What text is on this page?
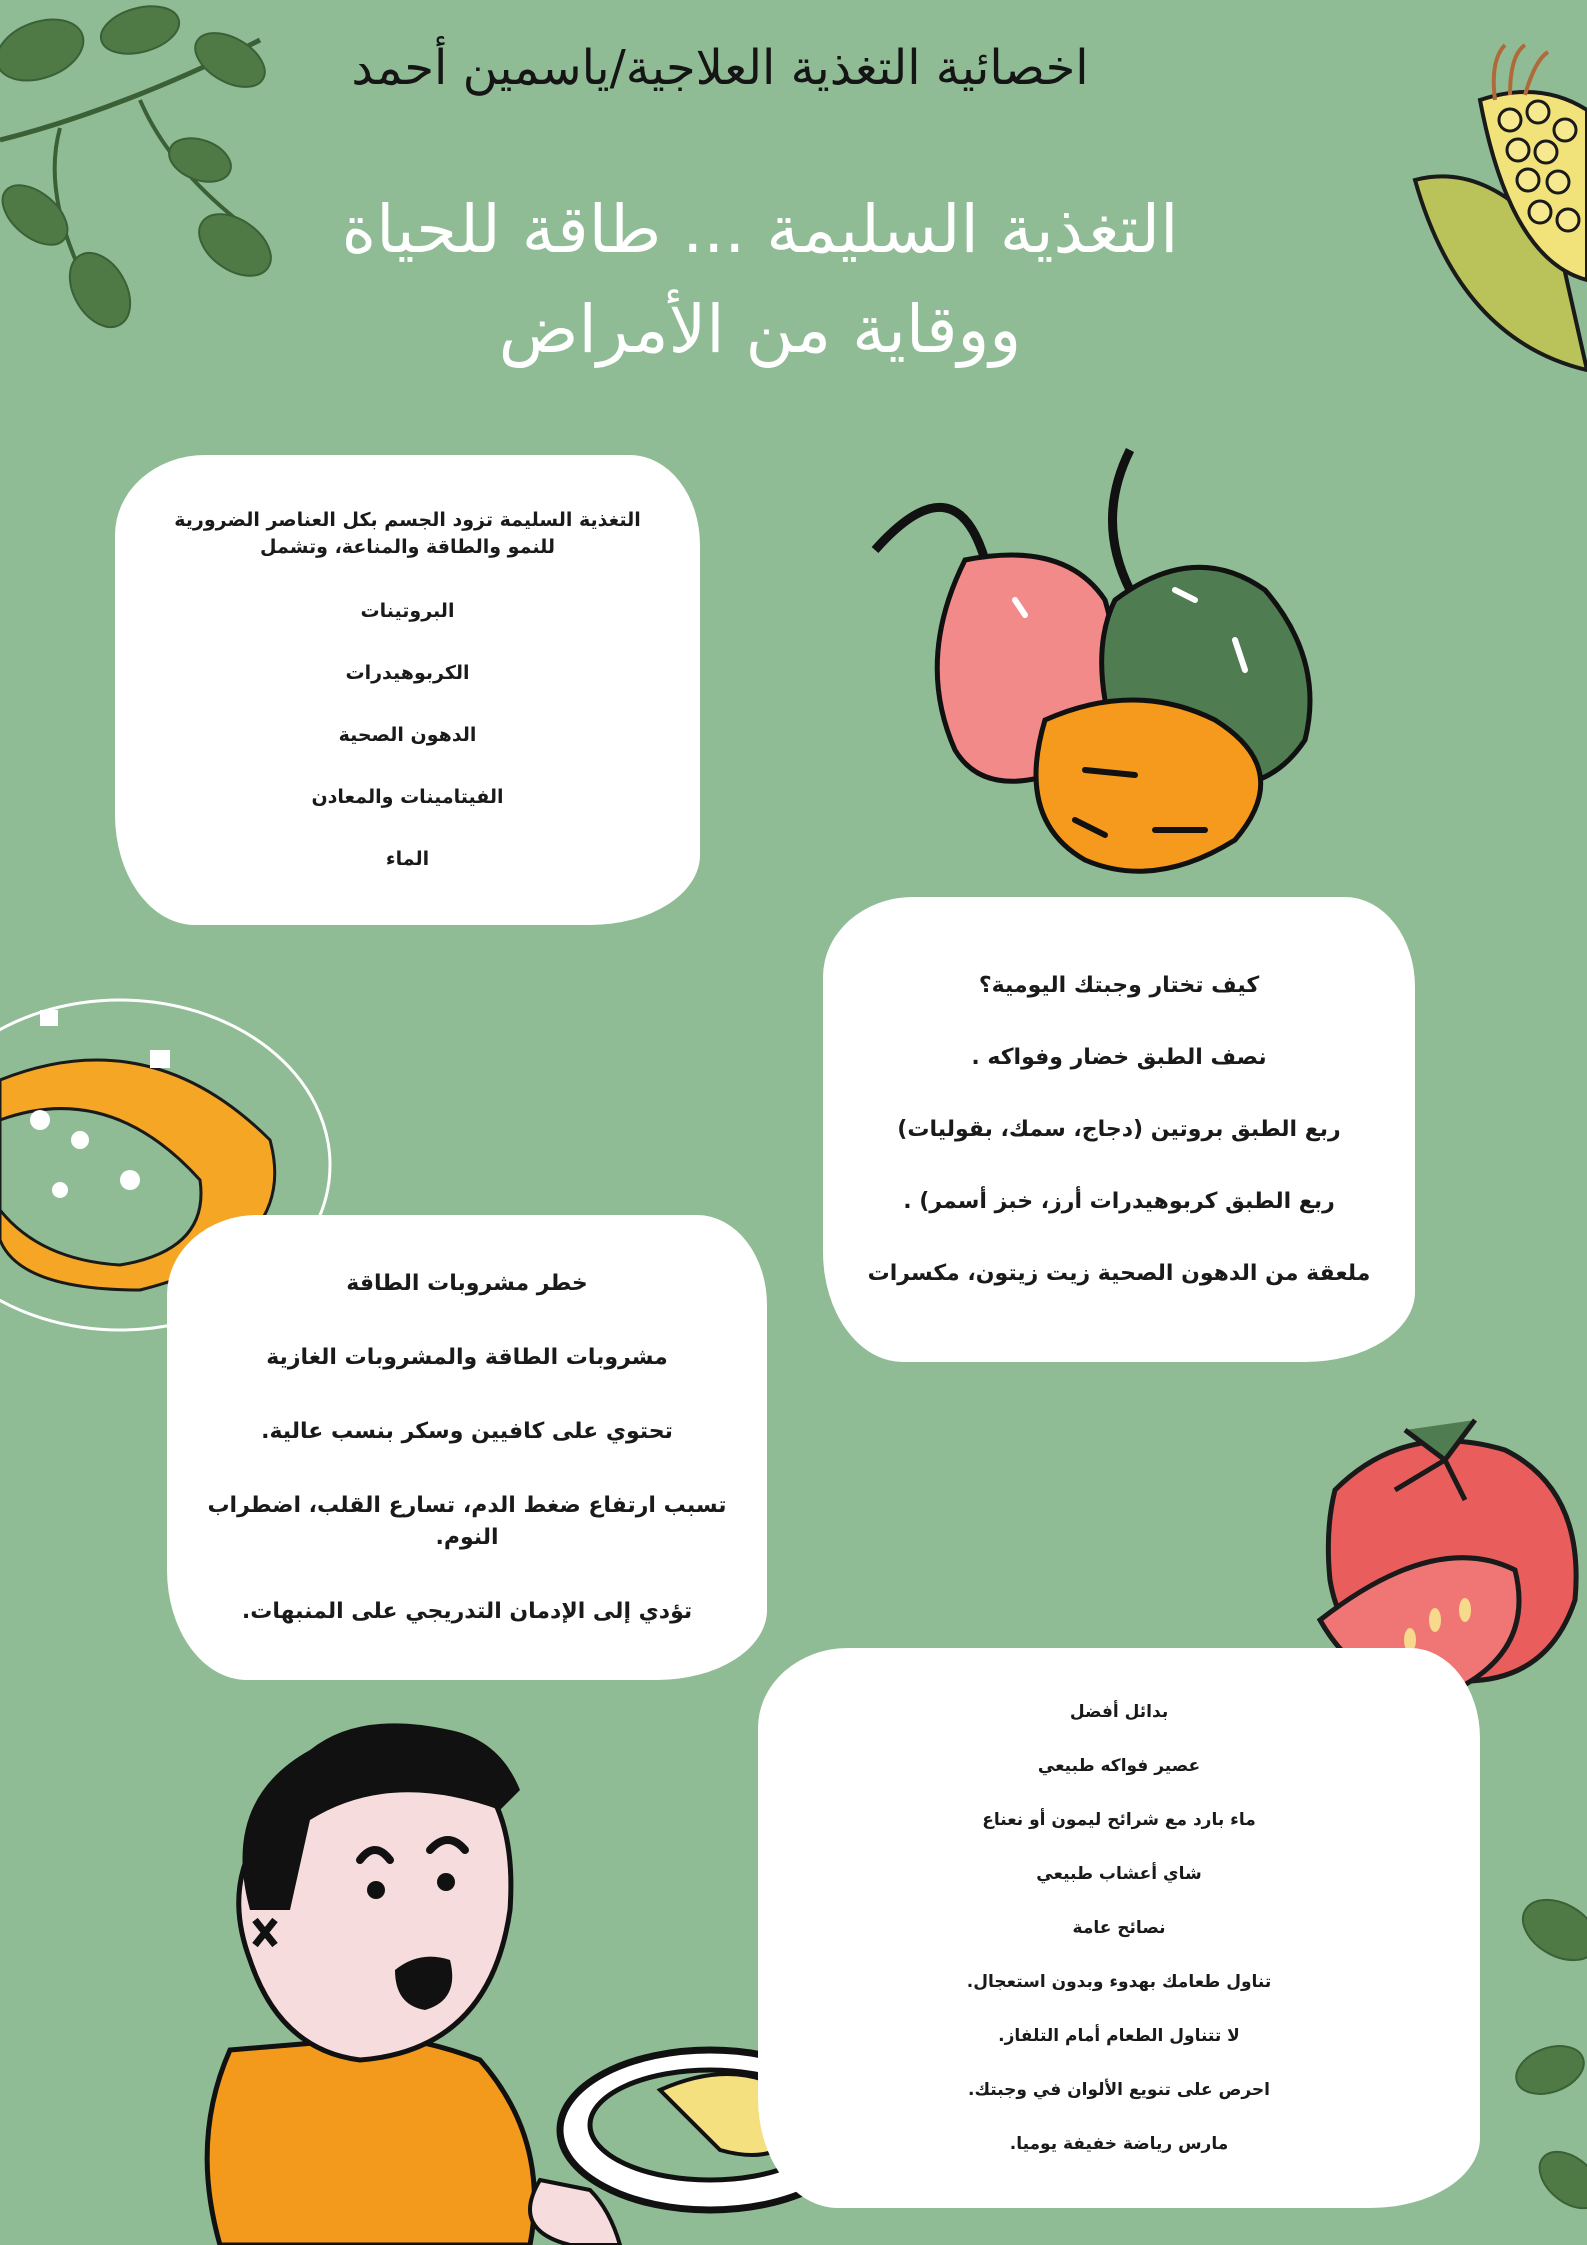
اخصائية التغذية العلاجية/ياسمين أحمد
التغذية السليمة ... طاقة للحياة
ووقاية من الأمراض

التغذية السليمة تزود الجسم بكل العناصر الضرورية للنمو والطاقة والمناعة، وتشمل

البروتينات

الكربوهيدرات

الدهون الصحية

الفيتامينات والمعادن

الماء

كيف تختار وجبتك اليومية؟

نصف الطبق خضار وفواكه .

ربع الطبق بروتين (دجاج، سمك، بقوليات)

ربع الطبق كربوهيدرات أرز، خبز أسمر) .

ملعقة من الدهون الصحية زيت زيتون، مكسرات

خطر مشروبات الطاقة

مشروبات الطاقة والمشروبات الغازية

تحتوي على كافيين وسكر بنسب عالية.

تسبب ارتفاع ضغط الدم، تسارع القلب، اضطراب النوم.

تؤدي إلى الإدمان التدريجي على المنبهات.

بدائل أفضل

عصير فواكه طبيعي

ماء بارد مع شرائح ليمون أو نعناع

شاي أعشاب طبيعي

نصائح عامة

تناول طعامك بهدوء وبدون استعجال.

لا تتناول الطعام أمام التلفاز.

احرص على تنويع الألوان في وجبتك.

مارس رياضة خفيفة يوميا.
